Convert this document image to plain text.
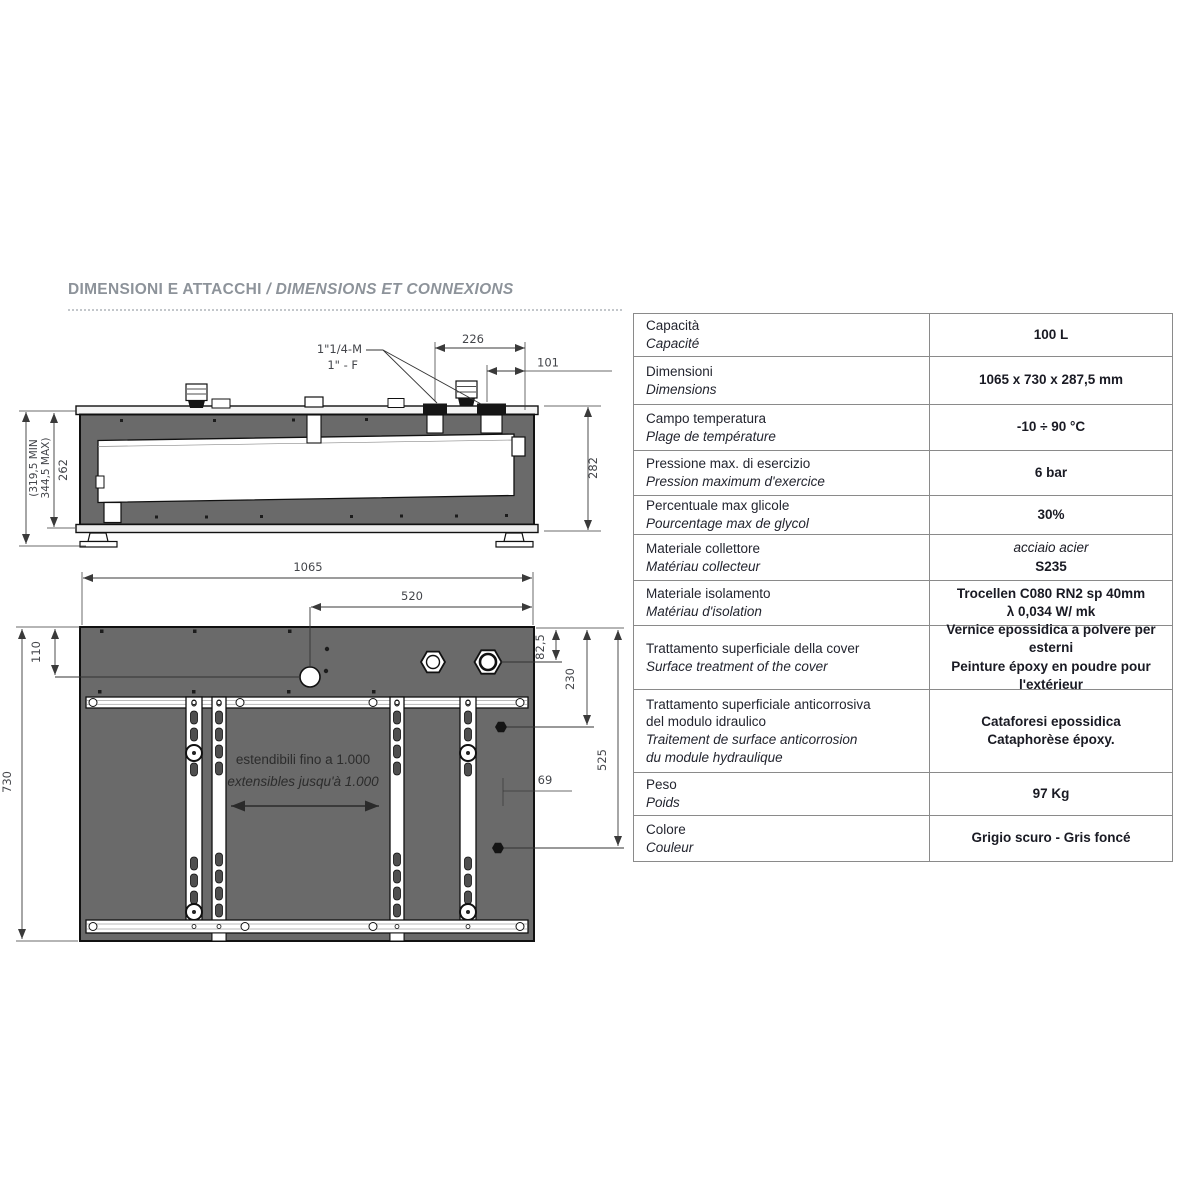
DIMENSIONI E ATTACCHI / DIMENSIONS ET CONNEXIONS
1"1/4-M
1" - F
226
101
282
262
(319,5 MIN 344,5 MAX)
estendibili fino a 1.000
extensibles jusqu'à 1.000
1065
520
110
730
82,5
230
525
69
Capacità
Capacité
100 L
Dimensioni
Dimensions
1065 x 730 x 287,5 mm
Campo temperatura
Plage de température
-10 ÷ 90 °C
Pressione max. di esercizio
Pression maximum d'exercice
6 bar
Percentuale max glicole
Pourcentage max de glycol
30%
Materiale collettore
Matériau collecteur
acciaio acier
S235
Materiale isolamento
Matériau d'isolation
Trocellen C080 RN2 sp 40mm
λ 0,034 W/ mk
Trattamento superficiale della cover
Surface treatment of the cover
Vernice epossidica a polvere per esterni
Peinture époxy en poudre pour
l'extérieur
Trattamento superficiale anticorrosiva
del modulo idraulico
Traitement de surface anticorrosion
du module hydraulique
Cataforesi epossidica
Cataphorèse époxy.
Peso
Poids
97 Kg
Colore
Couleur
Grigio scuro - Gris foncé
